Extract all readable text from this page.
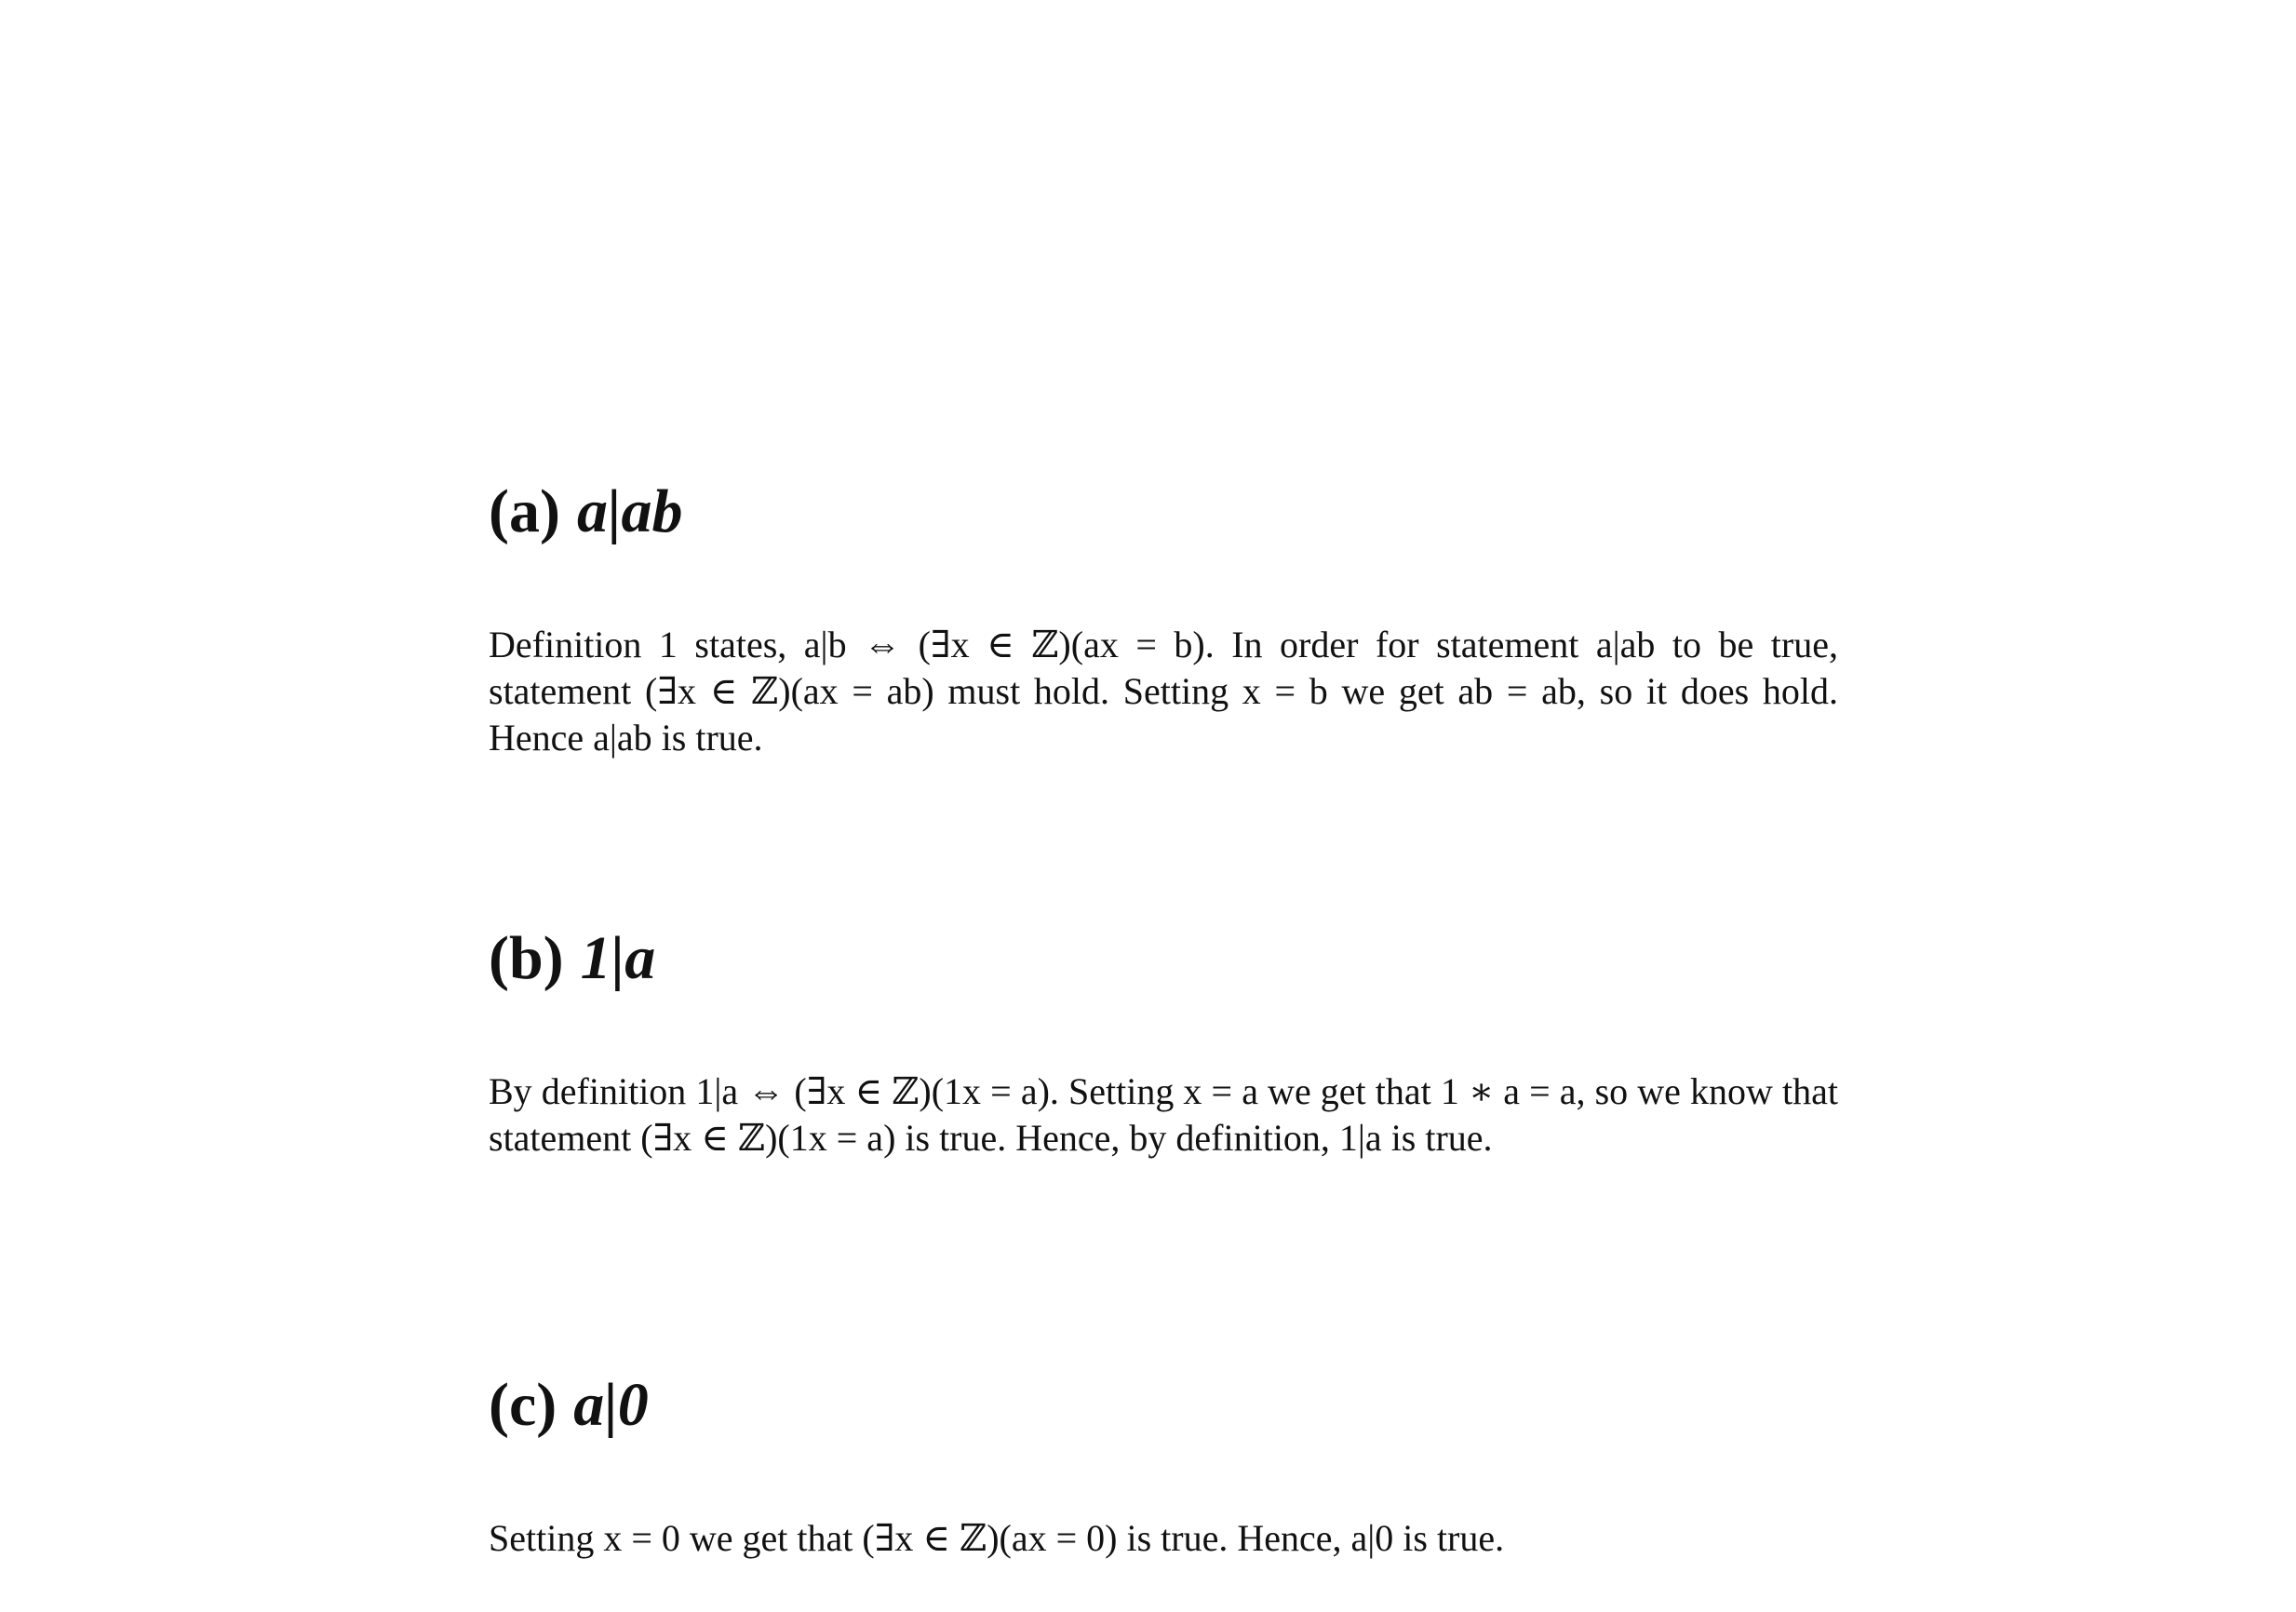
(a) a|ab

Definition 1 states, a|b ⇔ (∃x ∈ ℤ)(ax = b). In order for statement a|ab to be true, statement (∃x ∈ ℤ)(ax = ab) must hold. Setting x = b we get ab = ab, so it does hold. Hence a|ab is true.

(b) 1|a

By definition 1|a ⇔ (∃x ∈ ℤ)(1x = a). Setting x = a we get that 1 ∗ a = a, so we know that statement (∃x ∈ ℤ)(1x = a) is true. Hence, by definition, 1|a is true.

(c) a|0

Setting x = 0 we get that (∃x ∈ ℤ)(ax = 0) is true. Hence, a|0 is true.
